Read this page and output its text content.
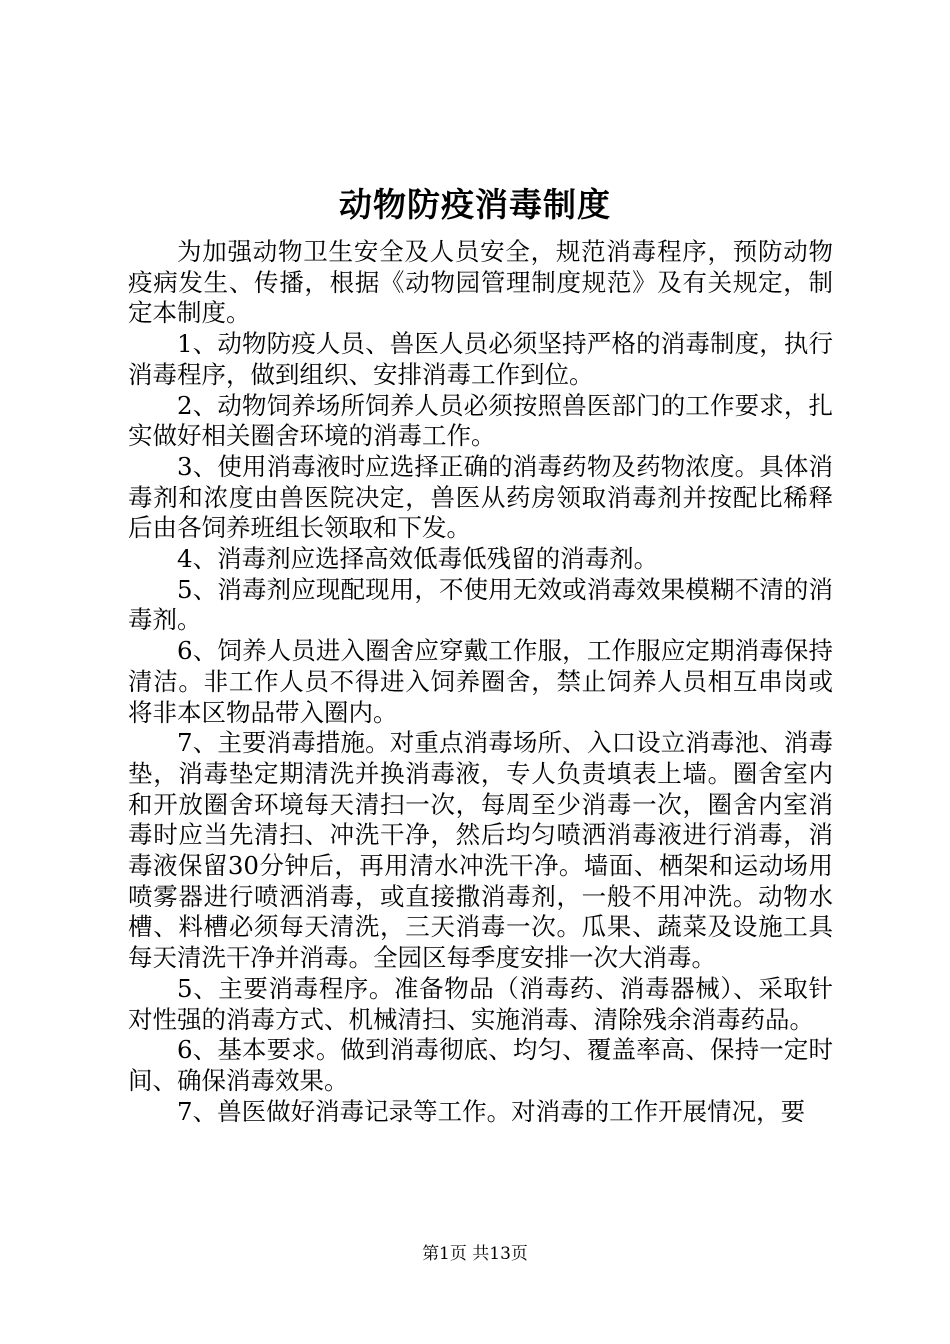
动物防疫消毒制度

为加强动物卫生安全及人员安全，规范消毒程序，预防动物疫病发生、传播，根据《动物园管理制度规范》及有关规定，制定本制度。

1、动物防疫人员、兽医人员必须坚持严格的消毒制度，执行消毒程序，做到组织、安排消毒工作到位。

2、动物饲养场所饲养人员必须按照兽医部门的工作要求，扎实做好相关圈舍环境的消毒工作。

3、使用消毒液时应选择正确的消毒药物及药物浓度。具体消毒剂和浓度由兽医院决定，兽医从药房领取消毒剂并按配比稀释后由各饲养班组长领取和下发。

4、消毒剂应选择高效低毒低残留的消毒剂。

5、消毒剂应现配现用，不使用无效或消毒效果模糊不清的消毒剂。

6、饲养人员进入圈舍应穿戴工作服，工作服应定期消毒保持清洁。非工作人员不得进入饲养圈舍，禁止饲养人员相互串岗或将非本区物品带入圈内。

7、主要消毒措施。对重点消毒场所、入口设立消毒池、消毒垫，消毒垫定期清洗并换消毒液，专人负责填表上墙。圈舍室内和开放圈舍环境每天清扫一次，每周至少消毒一次，圈舍内室消毒时应当先清扫、冲洗干净，然后均匀喷洒消毒液进行消毒，消毒液保留30分钟后，再用清水冲洗干净。墙面、栖架和运动场用喷雾器进行喷洒消毒，或直接撒消毒剂，一般不用冲洗。动物水槽、料槽必须每天清洗，三天消毒一次。瓜果、蔬菜及设施工具每天清洗干净并消毒。全园区每季度安排一次大消毒。

5、主要消毒程序。准备物品（消毒药、消毒器械）、采取针对性强的消毒方式、机械清扫、实施消毒、清除残余消毒药品。

6、基本要求。做到消毒彻底、均匀、覆盖率高、保持一定时间、确保消毒效果。

7、兽医做好消毒记录等工作。对消毒的工作开展情况，要

第1页 共13页
